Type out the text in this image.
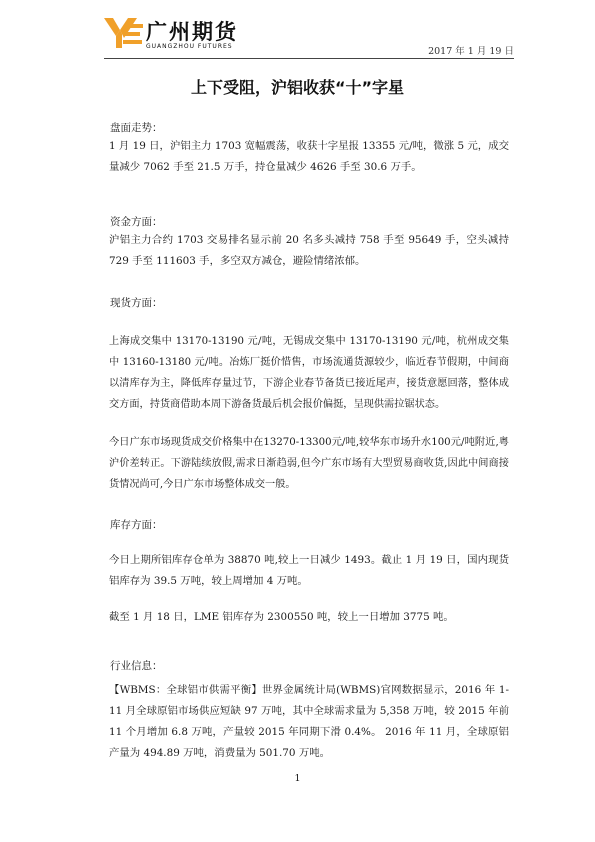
广州期货
GUANGZHOU FUTURES	2017 年 1 月 19 日
上下受阻，沪铝收获“十”字星
盘面走势：
1 月 19 日，沪铝主力 1703 宽幅震荡，收获十字星报 13355 元/吨，微涨 5 元，成交量减少 7062 手至 21.5 万手，持仓量减少 4626 手至 30.6 万手。
资金方面：
沪铝主力合约 1703 交易排名显示前 20 名多头减持 758 手至 95649 手，空头减持 729 手至 111603 手，多空双方减仓，避险情绪浓郁。
现货方面：
上海成交集中 13170-13190 元/吨，无锡成交集中 13170-13190 元/吨，杭州成交集中 13160-13180 元/吨。冶炼厂挺价惜售，市场流通货源较少，临近春节假期，中间商以清库存为主，降低库存量过节，下游企业春节备货已接近尾声，接货意愿回落，整体成交方面，持货商借助本周下游备货最后机会报价偏挺，呈现供需拉锯状态。
今日广东市场现货成交价格集中在13270-13300元/吨,较华东市场升水100元/吨附近,粤沪价差转正。下游陆续放假,需求日渐趋弱,但今广东市场有大型贸易商收货,因此中间商接货情况尚可,今日广东市场整体成交一般。
库存方面：
今日上期所铝库存仓单为 38870 吨,较上一日减少 1493。截止 1 月 19 日，国内现货铝库存为 39.5 万吨，较上周增加 4 万吨。
截至 1 月 18 日，LME 铝库存为 2300550 吨，较上一日增加 3775 吨。
行业信息：
【WBMS：全球铝市供需平衡】世界金属统计局(WBMS)官网数据显示，2016 年 1-11 月全球原铝市场供应短缺 97 万吨，其中全球需求量为 5,358 万吨，较 2015 年前 11 个月增加 6.8 万吨，产量较 2015 年同期下滑 0.4%。 2016 年 11 月，全球原铝产量为 494.89 万吨，消费量为 501.70 万吨。
1
